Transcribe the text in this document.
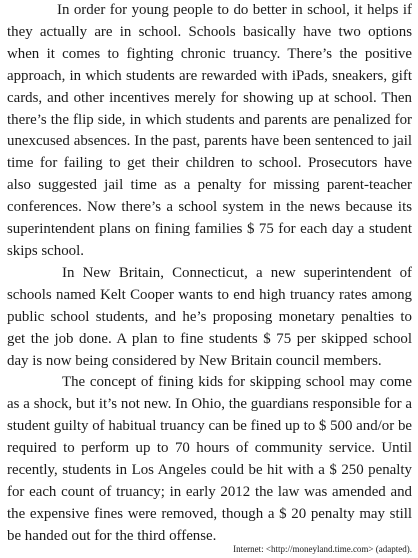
In order for young people to do better in school, it helps if they actually are in school. Schools basically have two options when it comes to fighting chronic truancy. There’s the positive approach, in which students are rewarded with iPads, sneakers, gift cards, and other incentives merely for showing up at school. Then there’s the flip side, in which students and parents are penalized for unexcused absences. In the past, parents have been sentenced to jail time for failing to get their children to school. Prosecutors have also suggested jail time as a penalty for missing parent-teacher conferences. Now there’s a school system in the news because its superintendent plans on fining families $ 75 for each day a student skips school.

In New Britain, Connecticut, a new superintendent of schools named Kelt Cooper wants to end high truancy rates among public school students, and he’s proposing monetary penalties to get the job done. A plan to fine students $ 75 per skipped school day is now being considered by New Britain council members.

The concept of fining kids for skipping school may come as a shock, but it’s not new. In Ohio, the guardians responsible for a student guilty of habitual truancy can be fined up to $ 500 and/or be required to perform up to 70 hours of community service. Until recently, students in Los Angeles could be hit with a $ 250 penalty for each count of truancy; in early 2012 the law was amended and the expensive fines were removed, though a $ 20 penalty may still be handed out for the third offense.

Internet: <http://moneyland.time.com> (adapted).
